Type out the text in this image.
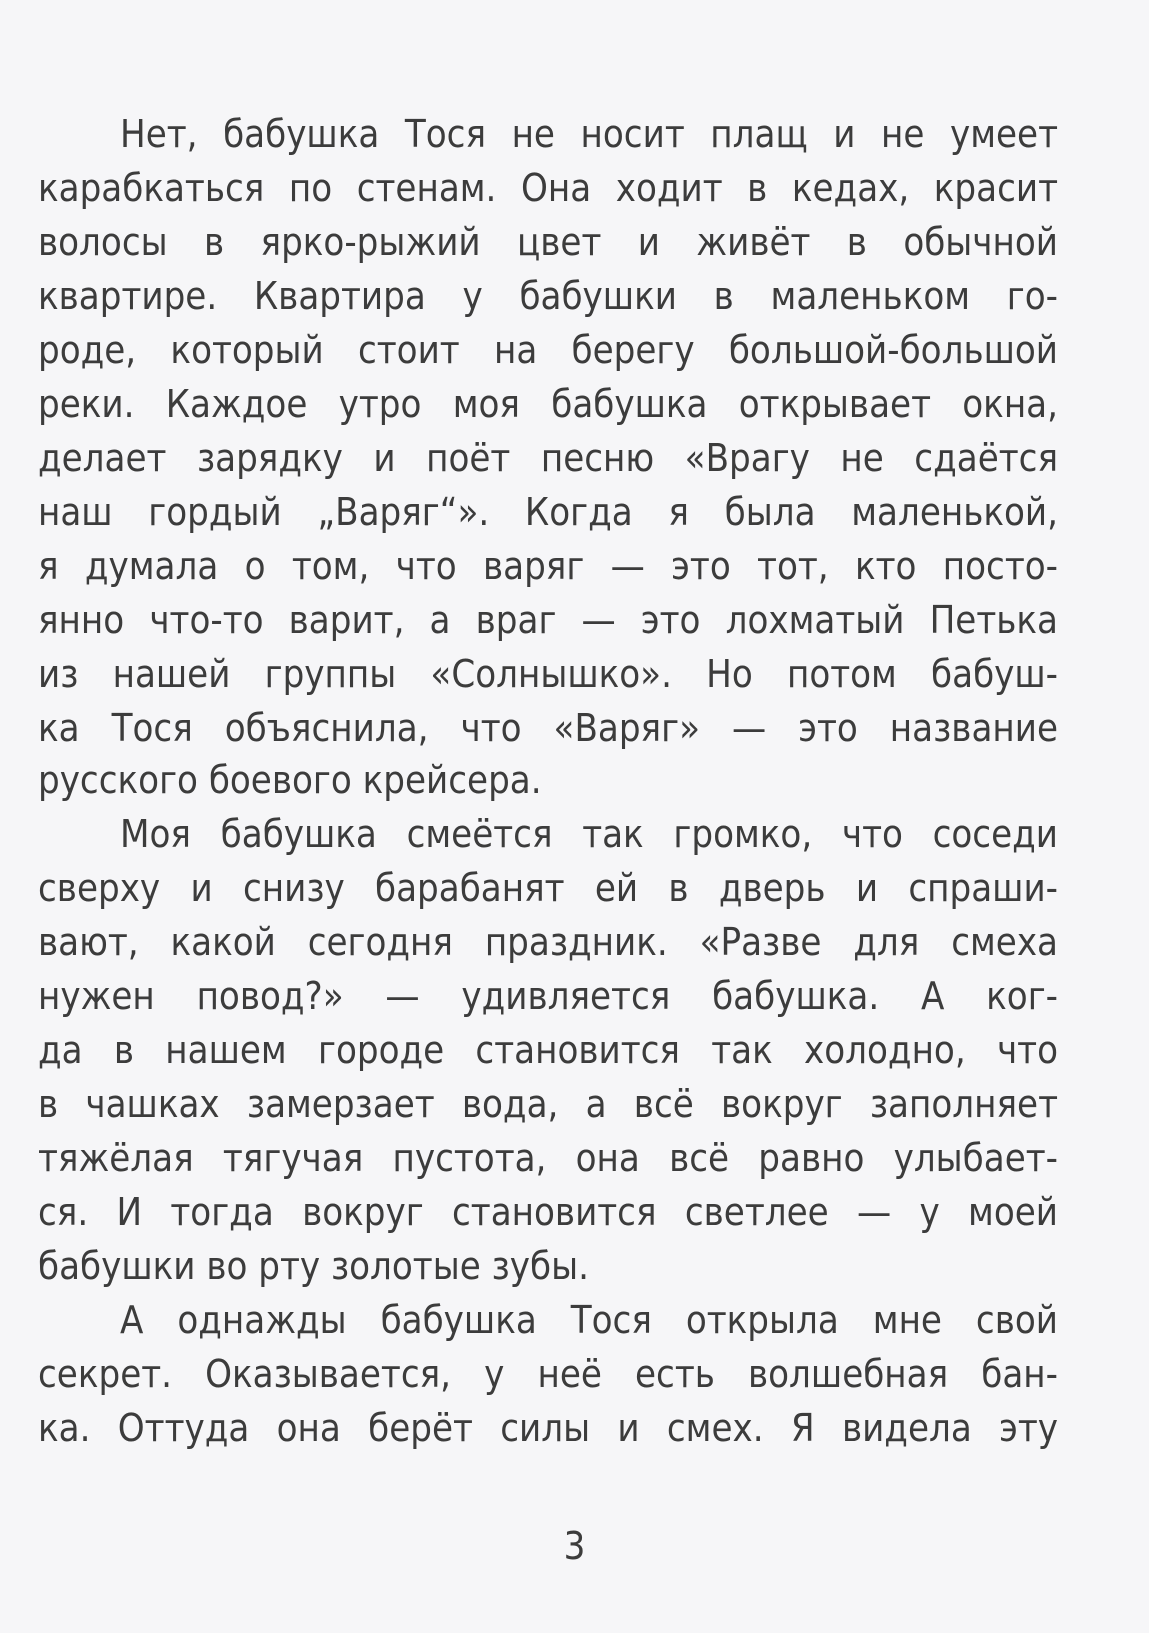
Нет, бабушка Тося не носит плащ и не умеет
карабкаться по стенам. Она ходит в кедах, красит
волосы в ярко-рыжий цвет и живёт в обычной
квартире. Квартира у бабушки в маленьком го-
роде, который стоит на берегу большой-большой
реки. Каждое утро моя бабушка открывает окна,
делает зарядку и поёт песню «Врагу не сдаётся
наш гордый „Варяг“». Когда я была маленькой,
я думала о том, что варяг — это тот, кто посто-
янно что-то варит, а враг — это лохматый Петька
из нашей группы «Солнышко». Но потом бабуш-
ка Тося объяснила, что «Варяг» — это название
русского боевого крейсера.
Моя бабушка смеётся так громко, что соседи
сверху и снизу барабанят ей в дверь и спраши-
вают, какой сегодня праздник. «Разве для смеха
нужен повод?» — удивляется бабушка. А ког-
да в нашем городе становится так холодно, что
в чашках замерзает вода, а всё вокруг заполняет
тяжёлая тягучая пустота, она всё равно улыбает-
ся. И тогда вокруг становится светлее — у моей
бабушки во рту золотые зубы.
А однажды бабушка Тося открыла мне свой
секрет. Оказывается, у неё есть волшебная бан-
ка. Оттуда она берёт силы и смех. Я видела эту
3
